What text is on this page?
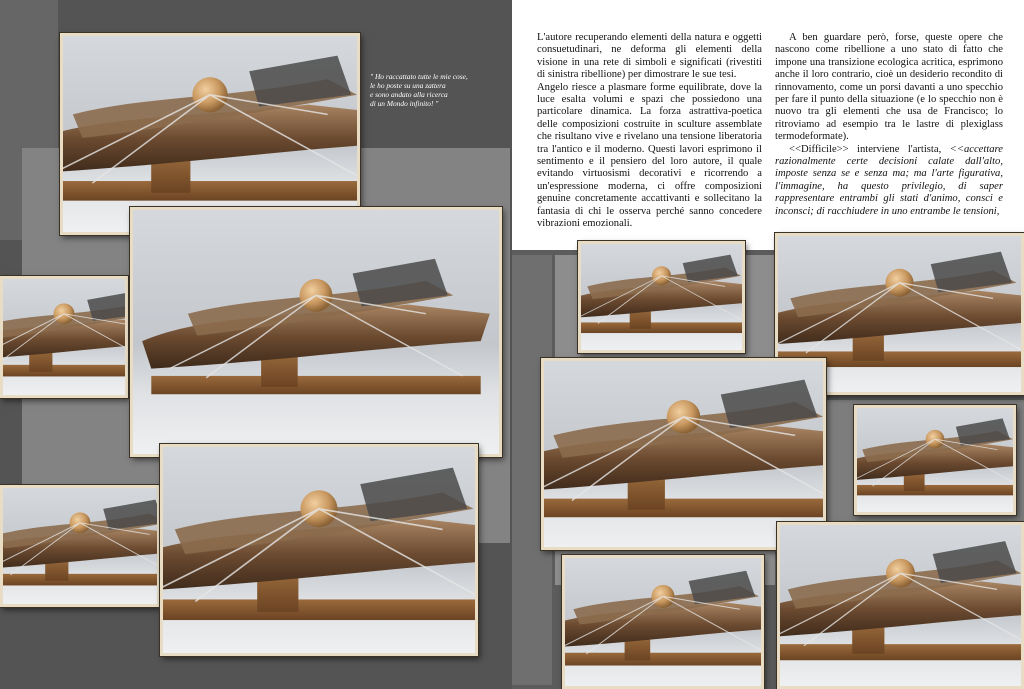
L'autore recuperando elementi della natura e oggetti consuetudinari, ne deforma gli elementi della visione in una rete di simboli e significati (rivestiti di sinistra ribellione) per dimostrare le sue tesi.

Angelo riesce a plasmare forme equilibrate, dove la luce esalta volumi e spazi che possiedono una particolare dinamica. La forza astrattiva-poetica delle composizioni costruite in sculture assemblate che risultano vive e rivelano una tensione liberatoria tra l'antico e il moderno. Questi lavori esprimono il sentimento e il pensiero del loro autore, il quale evitando virtuosismi decorativi e ricorrendo a un'espressione moderna, ci offre composizioni genuine concretamente accattivanti e sollecitano la fantasia di chi le osserva perché sanno concedere vibrazioni emozionali.

A ben guardare però, forse, queste opere che nascono come ribellione a uno stato di fatto che impone una transizione ecologica acritica, esprimono anche il loro contrario, cioè un desiderio recondito di rinnovamento, come un porsi davanti a uno specchio per fare il punto della situazione (e lo specchio non è nuovo tra gli elementi che usa de Francisco; lo ritroviamo ad esempio tra le lastre di plexiglass termodeformate).

<<Difficile>> interviene l'artista, <<accettare razionalmente certe decisioni calate dall'alto, imposte senza se e senza ma; ma l'arte figurativa, l'immagine, ha questo privilegio, di saper rappresentare entrambi gli stati d'animo, consci e inconsci; di racchiudere in uno entrambe le tensioni,

" Ho raccattato tutte le mie cose,
le ho poste su una zattera
e sono andato alla ricerca
di un Mondo infinito! "
